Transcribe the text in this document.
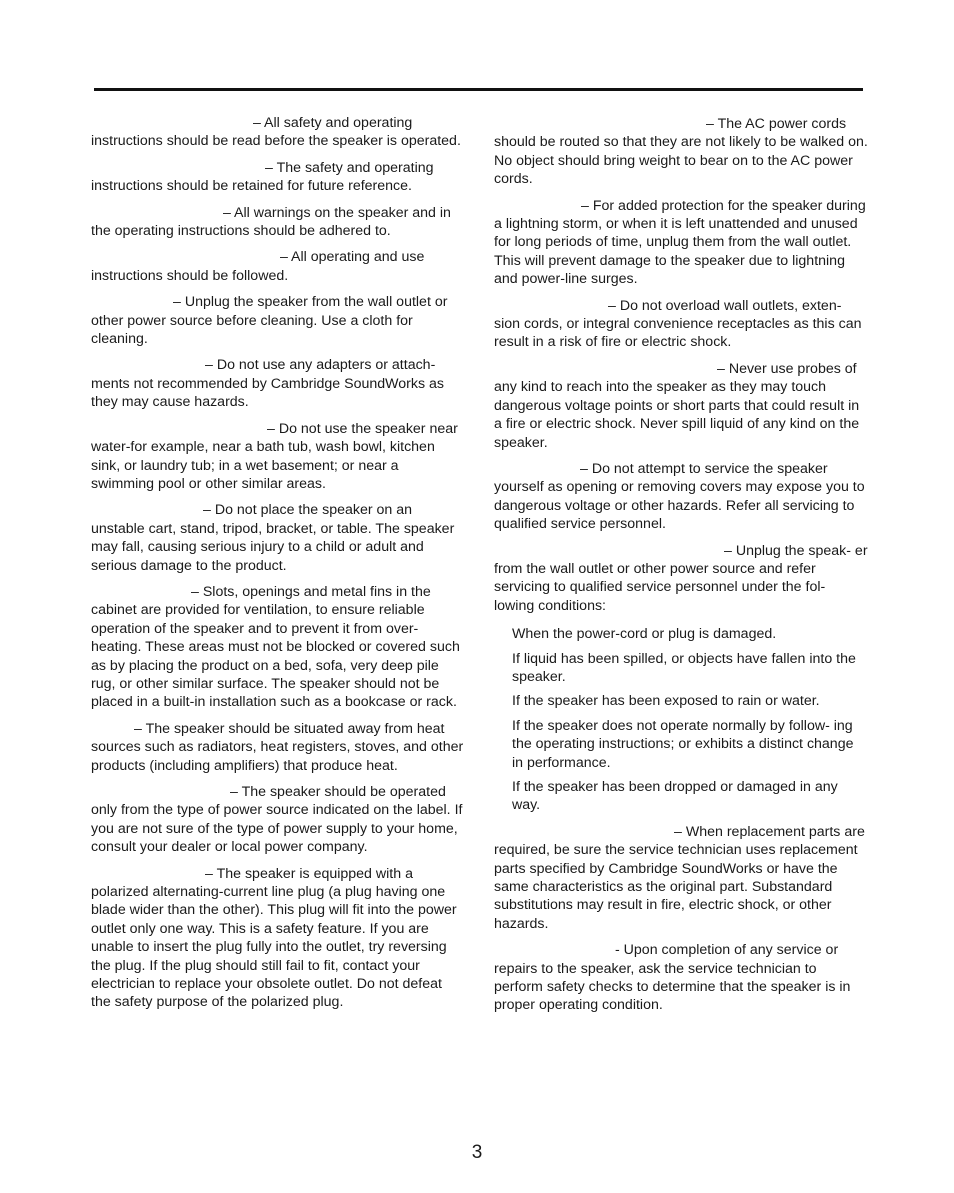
– All safety and operating instructions should be read before the speaker is operated.

– The safety and operating instructions should be retained for future reference.

– All warnings on the speaker and in the operating instructions should be adhered to.

– All operating and use instructions should be followed.

– Unplug the speaker from the wall outlet or other power source before cleaning. Use a cloth for cleaning.

– Do not use any adapters or attach- ments not recommended by Cambridge SoundWorks as they may cause hazards.

– Do not use the speaker near water-for example, near a bath tub, wash bowl, kitchen sink, or laundry tub; in a wet basement; or near a swimming pool or other similar areas.

– Do not place the speaker on an unstable cart, stand, tripod, bracket, or table. The speaker may fall, causing serious injury to a child or adult and serious damage to the product.

– Slots, openings and metal fins in the cabinet are provided for ventilation, to ensure reliable operation of the speaker and to prevent it from over- heating. These areas must not be blocked or covered such as by placing the product on a bed, sofa, very deep pile rug, or other similar surface. The speaker should not be placed in a built-in installation such as a bookcase or rack.

– The speaker should be situated away from heat sources such as radiators, heat registers, stoves, and other products (including amplifiers) that produce heat.

– The speaker should be operated only from the type of power source indicated on the label. If you are not sure of the type of power supply to your home, consult your dealer or local power company.

– The speaker is equipped with a polarized alternating-current line plug (a plug having one blade wider than the other). This plug will fit into the power outlet only one way. This is a safety feature. If you are unable to insert the plug fully into the outlet, try reversing the plug. If the plug should still fail to fit, contact your electrician to replace your obsolete outlet. Do not defeat the safety purpose of the polarized plug.

– The AC power cords should be routed so that they are not likely to be walked on. No object should bring weight to bear on to the AC power cords.

– For added protection for the speaker during a lightning storm, or when it is left unattended and unused for long periods of time, unplug them from the wall outlet. This will prevent damage to the speaker due to lightning and power-line surges.

– Do not overload wall outlets, exten- sion cords, or integral convenience receptacles as this can result in a risk of fire or electric shock.

– Never use probes of any kind to reach into the speaker as they may touch dangerous voltage points or short parts that could result in a fire or electric shock. Never spill liquid of any kind on the speaker.

– Do not attempt to service the speaker yourself as opening or removing covers may expose you to dangerous voltage or other hazards. Refer all servicing to qualified service personnel.

– Unplug the speak- er from the wall outlet or other power source and refer servicing to qualified service personnel under the fol- lowing conditions:

When the power-cord or plug is damaged.

If liquid has been spilled, or objects have fallen into the speaker.

If the speaker has been exposed to rain or water.

If the speaker does not operate normally by follow- ing the operating instructions; or exhibits a distinct change in performance.

If the speaker has been dropped or damaged in any way.

– When replacement parts are required, be sure the service technician uses replacement parts specified by Cambridge SoundWorks or have the same characteristics as the original part. Substandard substitutions may result in fire, electric shock, or other hazards.

- Upon completion of any service or repairs to the speaker, ask the service technician to perform safety checks to determine that the speaker is in proper operating condition.

3
